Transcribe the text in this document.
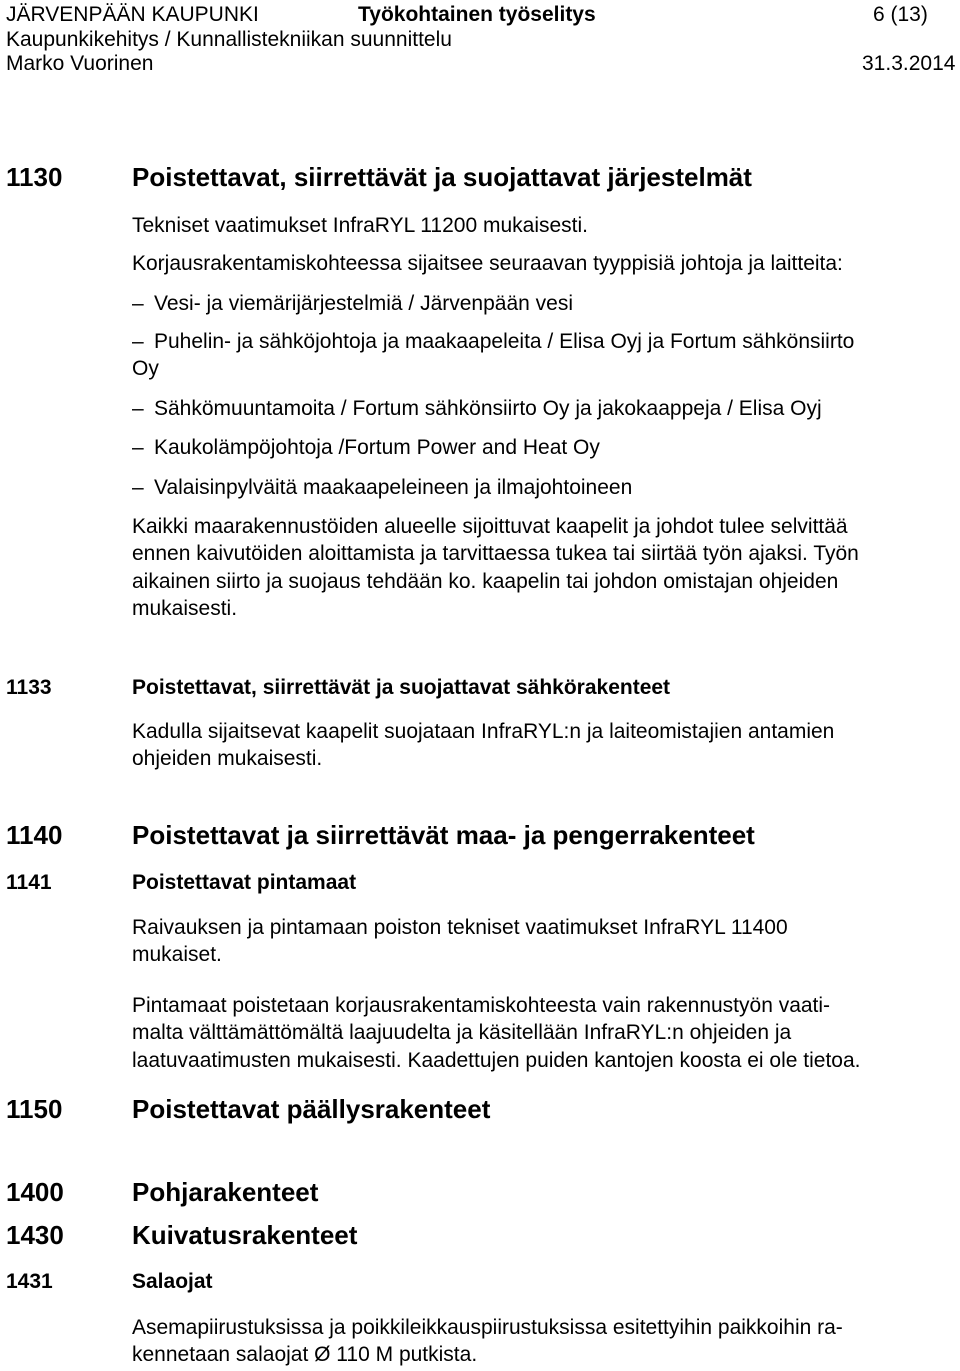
JÄRVENPÄÄN KAUPUNKI	Työkohtainen työselitys	6 (13)
Kaupunkikehitys / Kunnallistekniikan suunnittelu
Marko Vuorinen	31.3.2014
1130	Poistettavat, siirrettävät ja suojattavat järjestelmät
Tekniset vaatimukset InfraRYL 11200 mukaisesti.
Korjausrakentamiskohteessa sijaitsee seuraavan tyyppisiä johtoja ja laitteita:
– Vesi- ja viemärijärjestelmiä / Järvenpään vesi
– Puhelin- ja sähköjohtoja ja maakaapeleita / Elisa Oyj ja Fortum sähkönsiirto
Oy
– Sähkömuuntamoita / Fortum sähkönsiirto Oy ja jakokaappeja / Elisa Oyj
– Kaukolämpöjohtoja /Fortum Power and Heat Oy
– Valaisinpylväitä maakaapeleineen ja ilmajohtoineen
Kaikki maarakennustöiden alueelle sijoittuvat kaapelit ja johdot tulee selvittää
ennen kaivutöiden aloittamista ja tarvittaessa tukea tai siirtää työn ajaksi. Työn
aikainen siirto ja suojaus tehdään ko. kaapelin tai johdon omistajan ohjeiden
mukaisesti.
1133	Poistettavat, siirrettävät ja suojattavat sähkörakenteet
Kadulla sijaitsevat kaapelit suojataan InfraRYL:n ja laiteomistajien antamien
ohjeiden mukaisesti.
1140	Poistettavat ja siirrettävät maa- ja pengerrakenteet
1141	Poistettavat pintamaat
Raivauksen ja pintamaan poiston tekniset vaatimukset InfraRYL 11400
mukaiset.
Pintamaat poistetaan korjausrakentamiskohteesta vain rakennustyön vaati-
malta välttämättömältä laajuudelta ja käsitellään InfraRYL:n ohjeiden ja
laatuvaatimusten mukaisesti. Kaadettujen puiden kantojen koosta ei ole tietoa.
1150	Poistettavat päällysrakenteet
1400	Pohjarakenteet
1430	Kuivatusrakenteet
1431	Salaojat
Asemapiirustuksissa ja poikkileikkauspiirustuksissa esitettyihin paikkoihin ra-
kennetaan salaojat Ø 110 M putkista.
